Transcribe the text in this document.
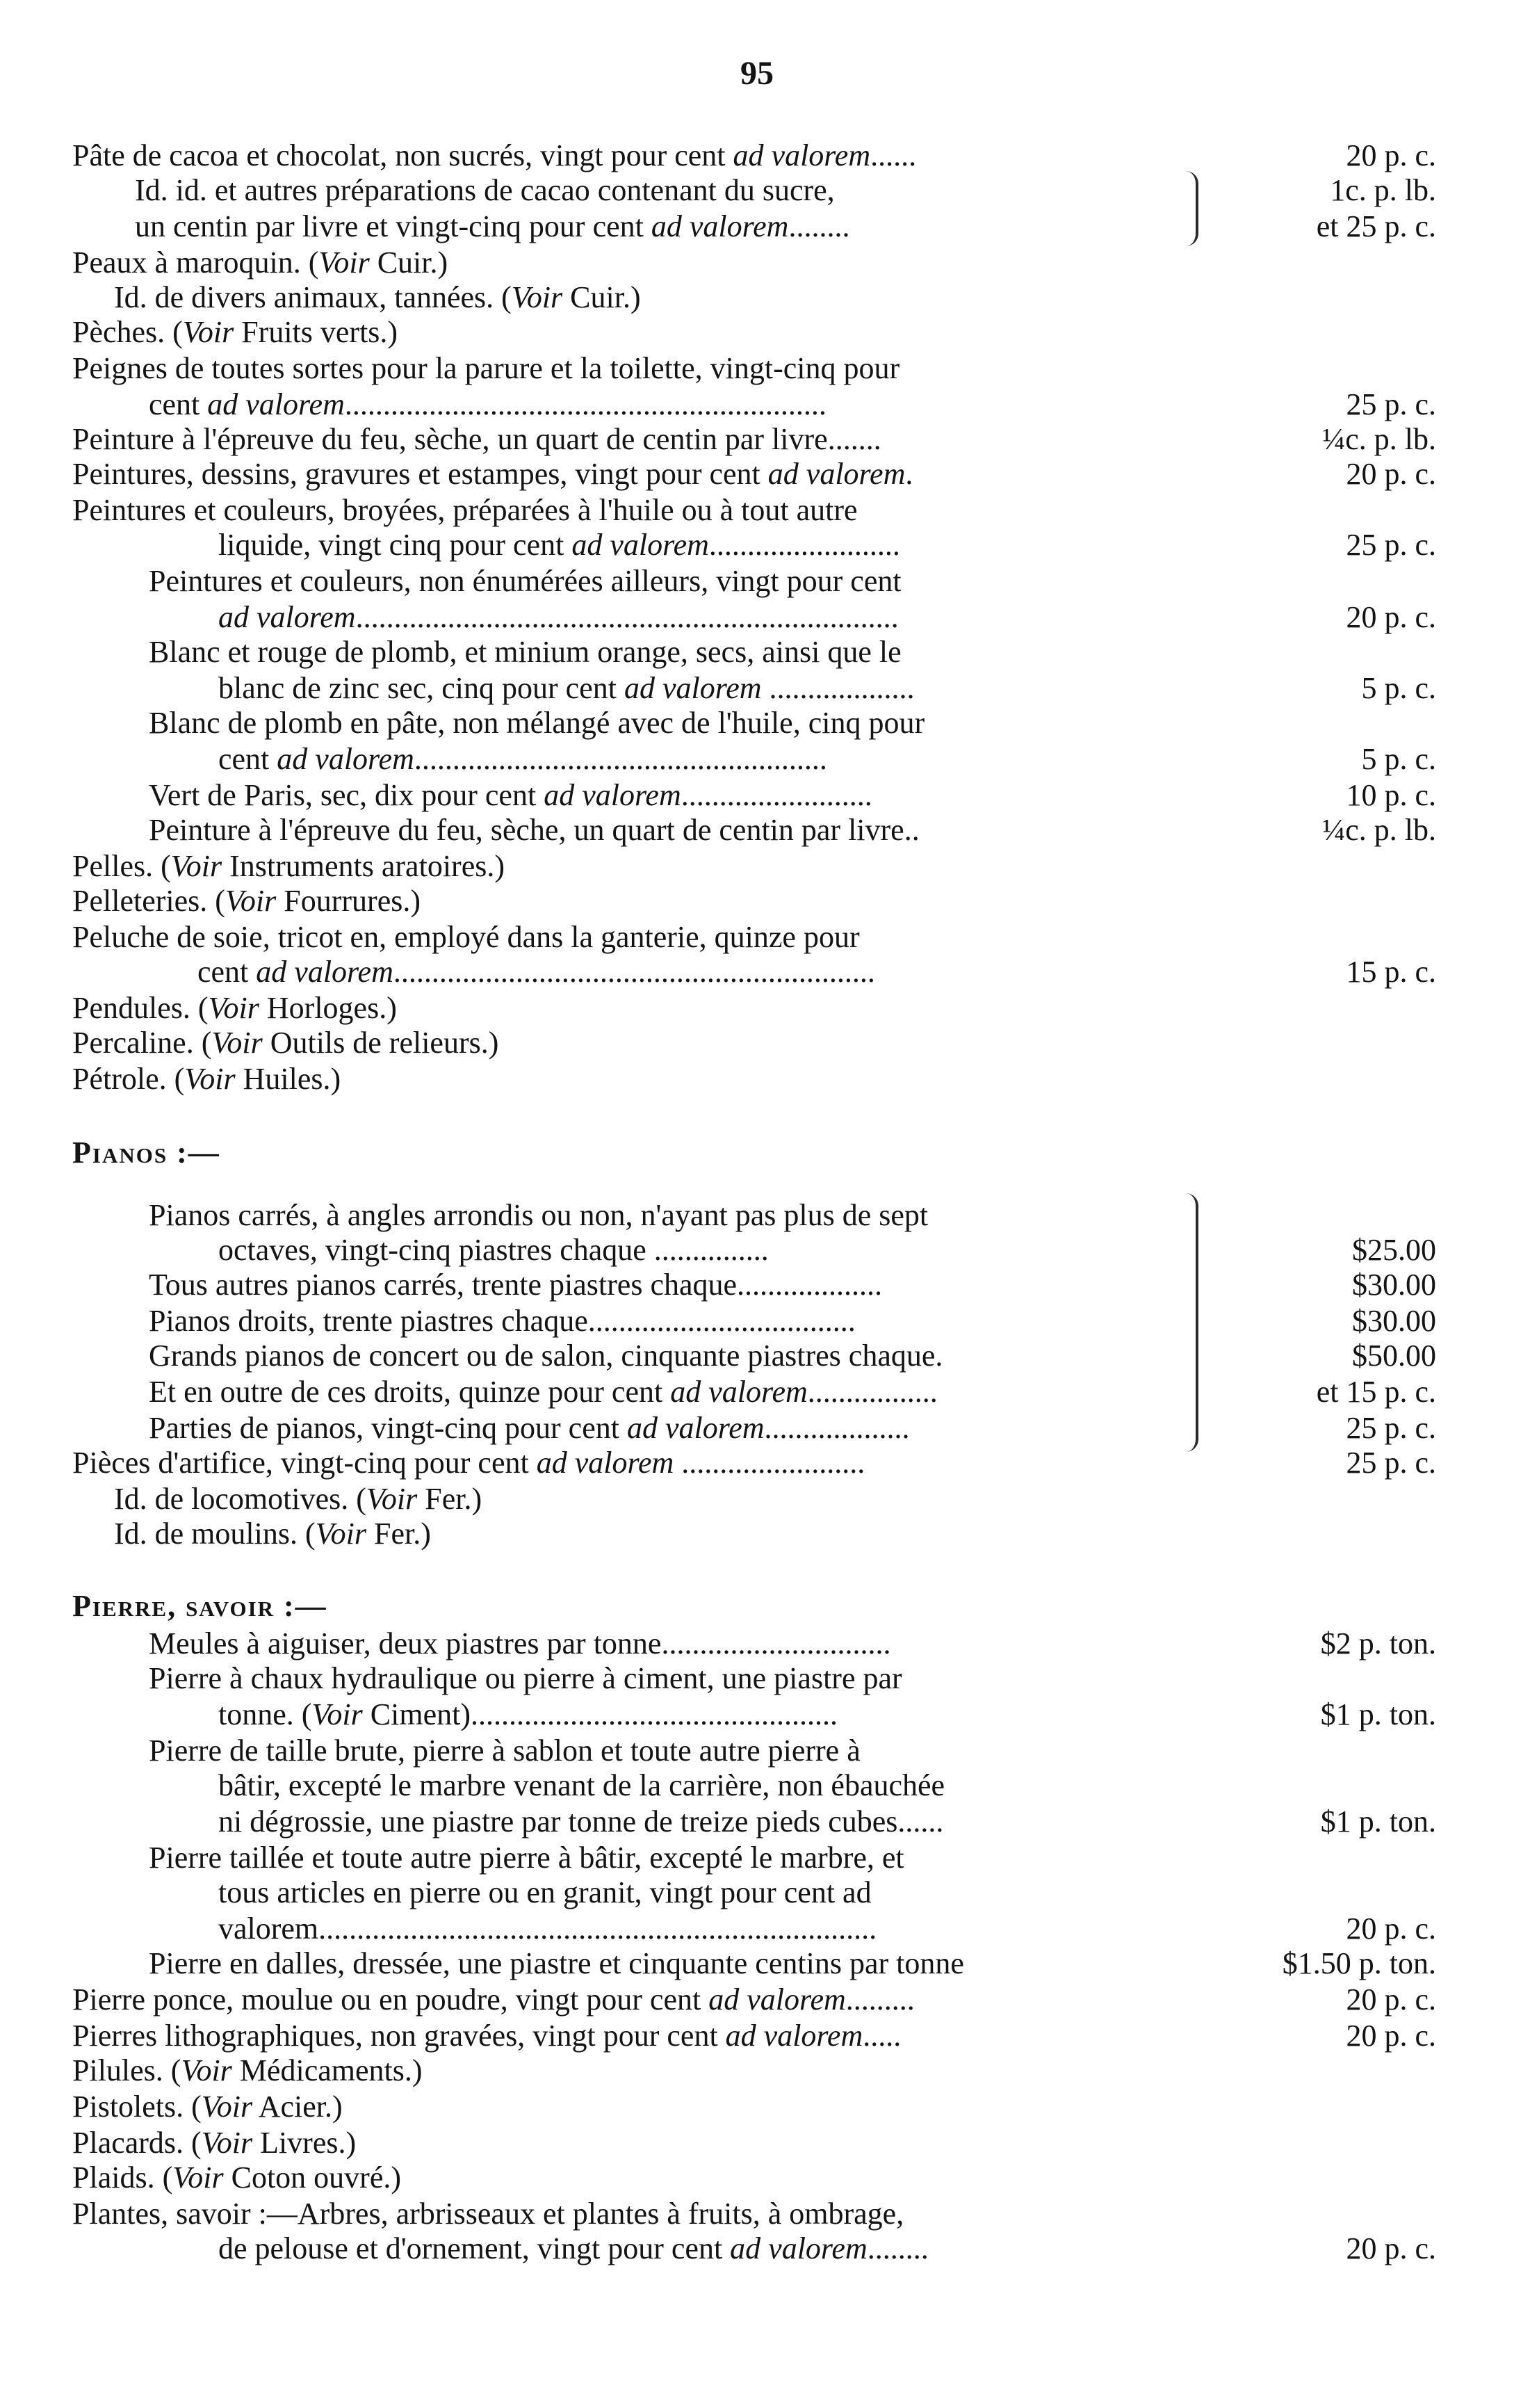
95
Pâte de cacoa et chocolat, non sucrés, vingt pour cent ad valorem......	20 p. c.
Id. id. et autres préparations de cacao contenant du sucre,	1c. p. lb.
un centin par livre et vingt-cinq pour cent ad valorem........	et 25 p. c.
Peaux à maroquin. (Voir Cuir.)
Id. de divers animaux, tannées. (Voir Cuir.)
Pèches. (Voir Fruits verts.)
Peignes de toutes sortes pour la parure et la toilette, vingt-cinq pour
cent ad valorem...............................................................	25 p. c.
Peinture à l'épreuve du feu, sèche, un quart de centin par livre.......	¼c. p. lb.
Peintures, dessins, gravures et estampes, vingt pour cent ad valorem.	20 p. c.
Peintures et couleurs, broyées, préparées à l'huile ou à tout autre
liquide, vingt cinq pour cent ad valorem.........................	25 p. c.
Peintures et couleurs, non énumérées ailleurs, vingt pour cent
ad valorem.......................................................................	20 p. c.
Blanc et rouge de plomb, et minium orange, secs, ainsi que le
blanc de zinc sec, cinq pour cent ad valorem ...................	5 p. c.
Blanc de plomb en pâte, non mélangé avec de l'huile, cinq pour
cent ad valorem......................................................	5 p. c.
Vert de Paris, sec, dix pour cent ad valorem.........................	10 p. c.
Peinture à l'épreuve du feu, sèche, un quart de centin par livre..	¼c. p. lb.
Pelles. (Voir Instruments aratoires.)
Pelleteries. (Voir Fourrures.)
Peluche de soie, tricot en, employé dans la ganterie, quinze pour
cent ad valorem...............................................................	15 p. c.
Pendules. (Voir Horloges.)
Percaline. (Voir Outils de relieurs.)
Pétrole. (Voir Huiles.)
Pianos :—
Pianos carrés, à angles arrondis ou non, n'ayant pas plus de sept
octaves, vingt-cinq piastres chaque ...............	$25.00
Tous autres pianos carrés, trente piastres chaque...................	$30.00
Pianos droits, trente piastres chaque...................................	$30.00
Grands pianos de concert ou de salon, cinquante piastres chaque.	$50.00
Et en outre de ces droits, quinze pour cent ad valorem.................	et 15 p. c.
Parties de pianos, vingt-cinq pour cent ad valorem...................	25 p. c.
Pièces d'artifice, vingt-cinq pour cent ad valorem ........................	25 p. c.
Id. de locomotives. (Voir Fer.)
Id. de moulins. (Voir Fer.)
Pierre, savoir :—
Meules à aiguiser, deux piastres par tonne..............................	$2 p. ton.
Pierre à chaux hydraulique ou pierre à ciment, une piastre par
tonne. (Voir Ciment)................................................	$1 p. ton.
Pierre de taille brute, pierre à sablon et toute autre pierre à
bâtir, excepté le marbre venant de la carrière, non ébauchée
ni dégrossie, une piastre par tonne de treize pieds cubes......	$1 p. ton.
Pierre taillée et toute autre pierre à bâtir, excepté le marbre, et
tous articles en pierre ou en granit, vingt pour cent ad
valorem.........................................................................	20 p. c.
Pierre en dalles, dressée, une piastre et cinquante centins par tonne	$1.50 p. ton.
Pierre ponce, moulue ou en poudre, vingt pour cent ad valorem.........	20 p. c.
Pierres lithographiques, non gravées, vingt pour cent ad valorem.....	20 p. c.
Pilules. (Voir Médicaments.)
Pistolets. (Voir Acier.)
Placards. (Voir Livres.)
Plaids. (Voir Coton ouvré.)
Plantes, savoir :—Arbres, arbrisseaux et plantes à fruits, à ombrage,
de pelouse et d'ornement, vingt pour cent ad valorem........	20 p. c.
